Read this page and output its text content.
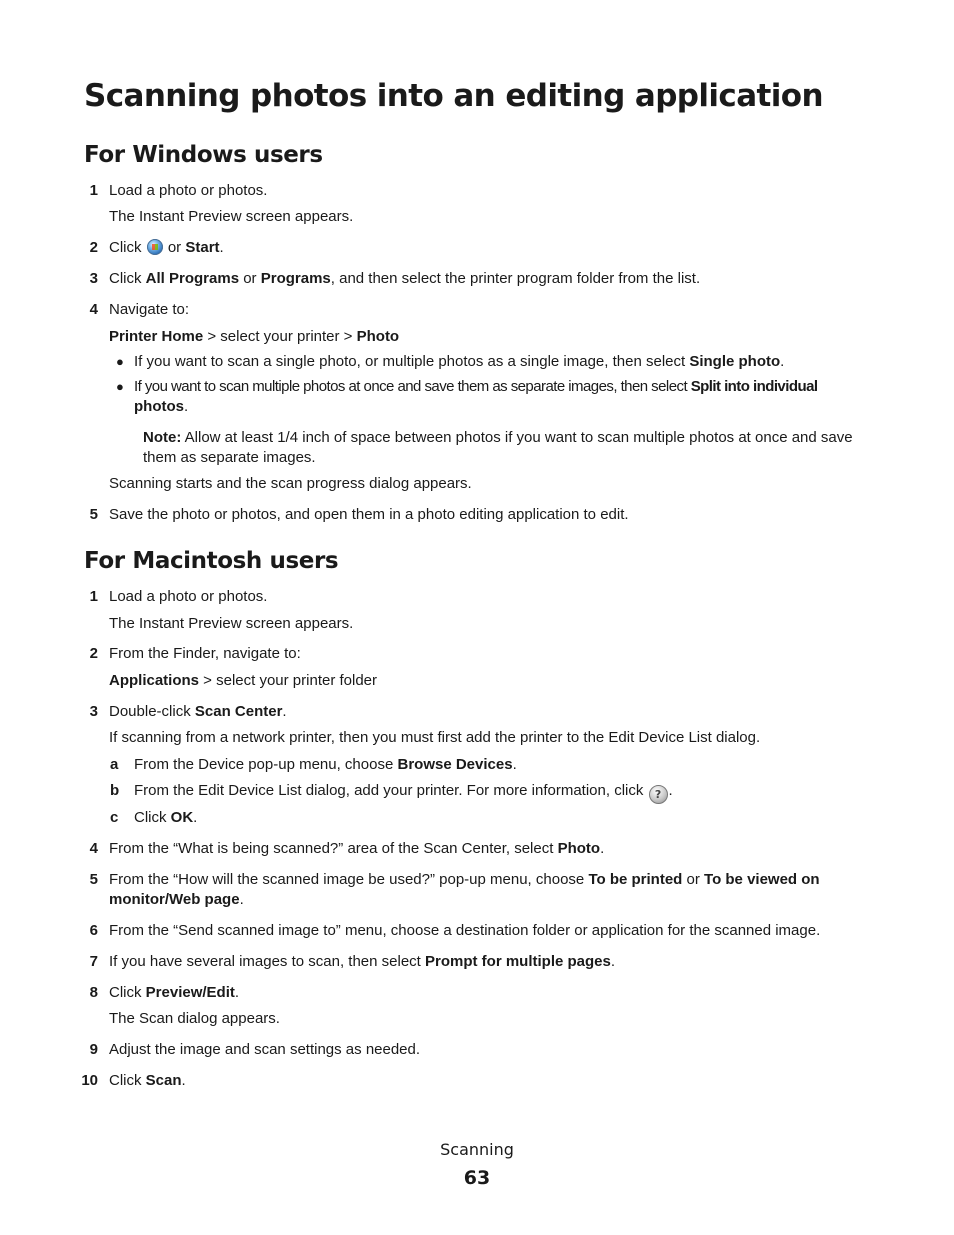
Scanning photos into an editing application
For Windows users
1 Load a photo or photos.

The Instant Preview screen appears.

2 Click or Start.

3 Click All Programs or Programs, and then select the printer program folder from the list.

4 Navigate to:

Printer Home > select your printer > Photo

● If you want to scan a single photo, or multiple photos as a single image, then select Single photo.

● If you want to scan multiple photos at once and save them as separate images, then select Split into individual

photos.

Note: Allow at least 1/4 inch of space between photos if you want to scan multiple photos at once and save

them as separate images.

Scanning starts and the scan progress dialog appears.

5 Save the photo or photos, and open them in a photo editing application to edit.

For Macintosh users
1 Load a photo or photos.

The Instant Preview screen appears.

2 From the Finder, navigate to:

Applications > select your printer folder

3 Double-click Scan Center.

If scanning from a network printer, then you must first add the printer to the Edit Device List dialog.

a From the Device pop-up menu, choose Browse Devices.

b From the Edit Device List dialog, add your printer. For more information, click ? .

c Click OK.

4 From the “What is being scanned?” area of the Scan Center, select Photo.

5 From the “How will the scanned image be used?” pop-up menu, choose To be printed or To be viewed on

monitor/Web page.

6 From the “Send scanned image to” menu, choose a destination folder or application for the scanned image.

7 If you have several images to scan, then select Prompt for multiple pages.

8 Click Preview/Edit.

The Scan dialog appears.

9 Adjust the image and scan settings as needed.

10 Click Scan.

Scanning
63
